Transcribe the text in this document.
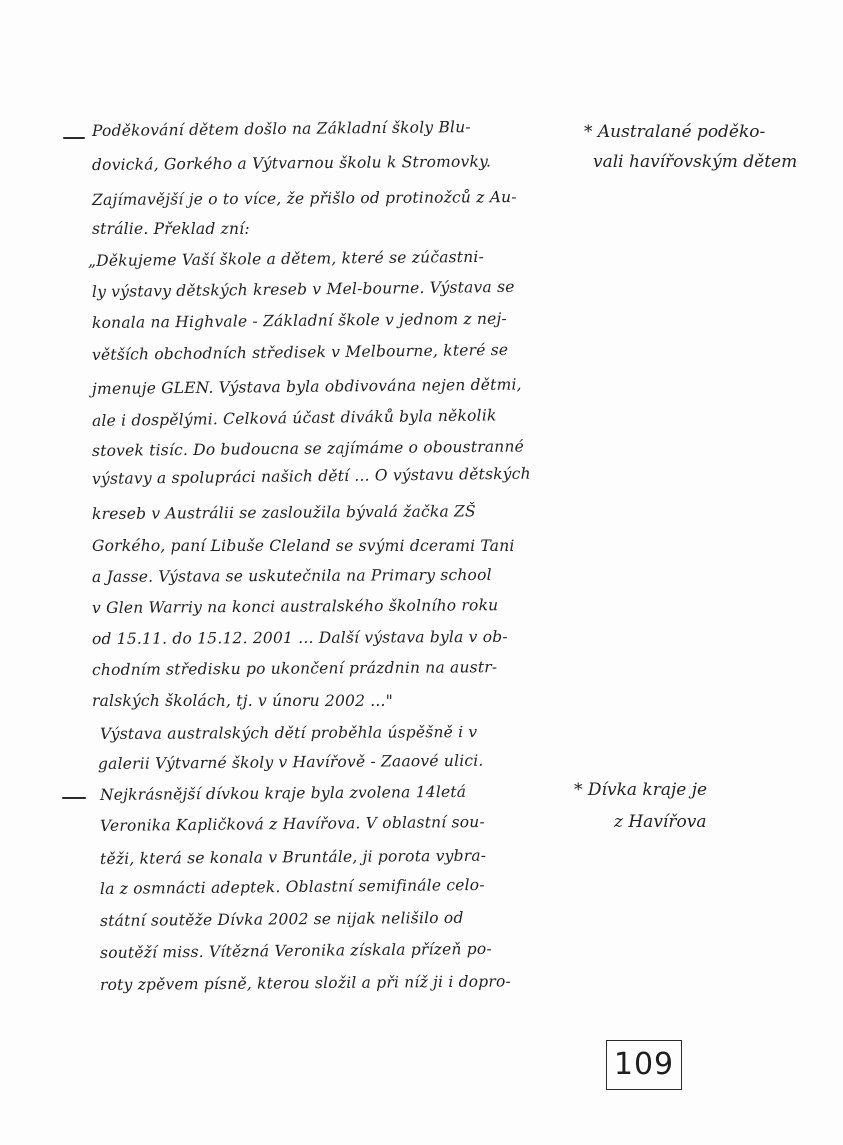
Poděkování dětem došlo na Základní školy Blu-
dovická, Gorkého a Výtvarnou školu k Stromovky.
Zajímavější je o to více, že přišlo od protinožců z Au-
strálie. Překlad zní:
„Děkujeme Vaší škole a dětem, které se zúčastni-
ly výstavy dětských kreseb v Mel-bourne. Výstava se
konala na Highvale - Základní škole v jednom z nej-
větších obchodních středisek v Melbourne, které se
jmenuje GLEN. Výstava byla obdivována nejen dětmi,
ale i dospělými. Celková účast diváků byla několik
stovek tisíc. Do budoucna se zajímáme o oboustranné
výstavy a spolupráci našich dětí ... O výstavu dětských
kreseb v Austrálii se zasloužila bývalá žačka ZŠ
Gorkého, paní Libuše Cleland se svými dcerami Tani
a Jasse. Výstava se uskutečnila na Primary school
v Glen Warriy na konci australského školního roku
od 15.11. do 15.12. 2001 ... Další výstava byla v ob-
chodním středisku po ukončení prázdnin na austr-
ralských školách, tj. v únoru 2002 ..."
Výstava australských dětí proběhla úspěšně i v
galerii Výtvarné školy v Havířově - Zaaové ulici.
* Australané poděko-
vali havířovským dětem
Nejkrásnější dívkou kraje byla zvolena 14letá
Veronika Kapličková z Havířova. V oblastní sou-
těži, která se konala v Bruntále, ji porota vybra-
la z osmnácti adeptek. Oblastní semifinále celo-
státní soutěže Dívka 2002 se nijak nelišilo od
soutěží miss. Vítězná Veronika získala přízeň po-
roty zpěvem písně, kterou složil a při níž ji i dopro-
* Dívka kraje je
z Havířova
109
